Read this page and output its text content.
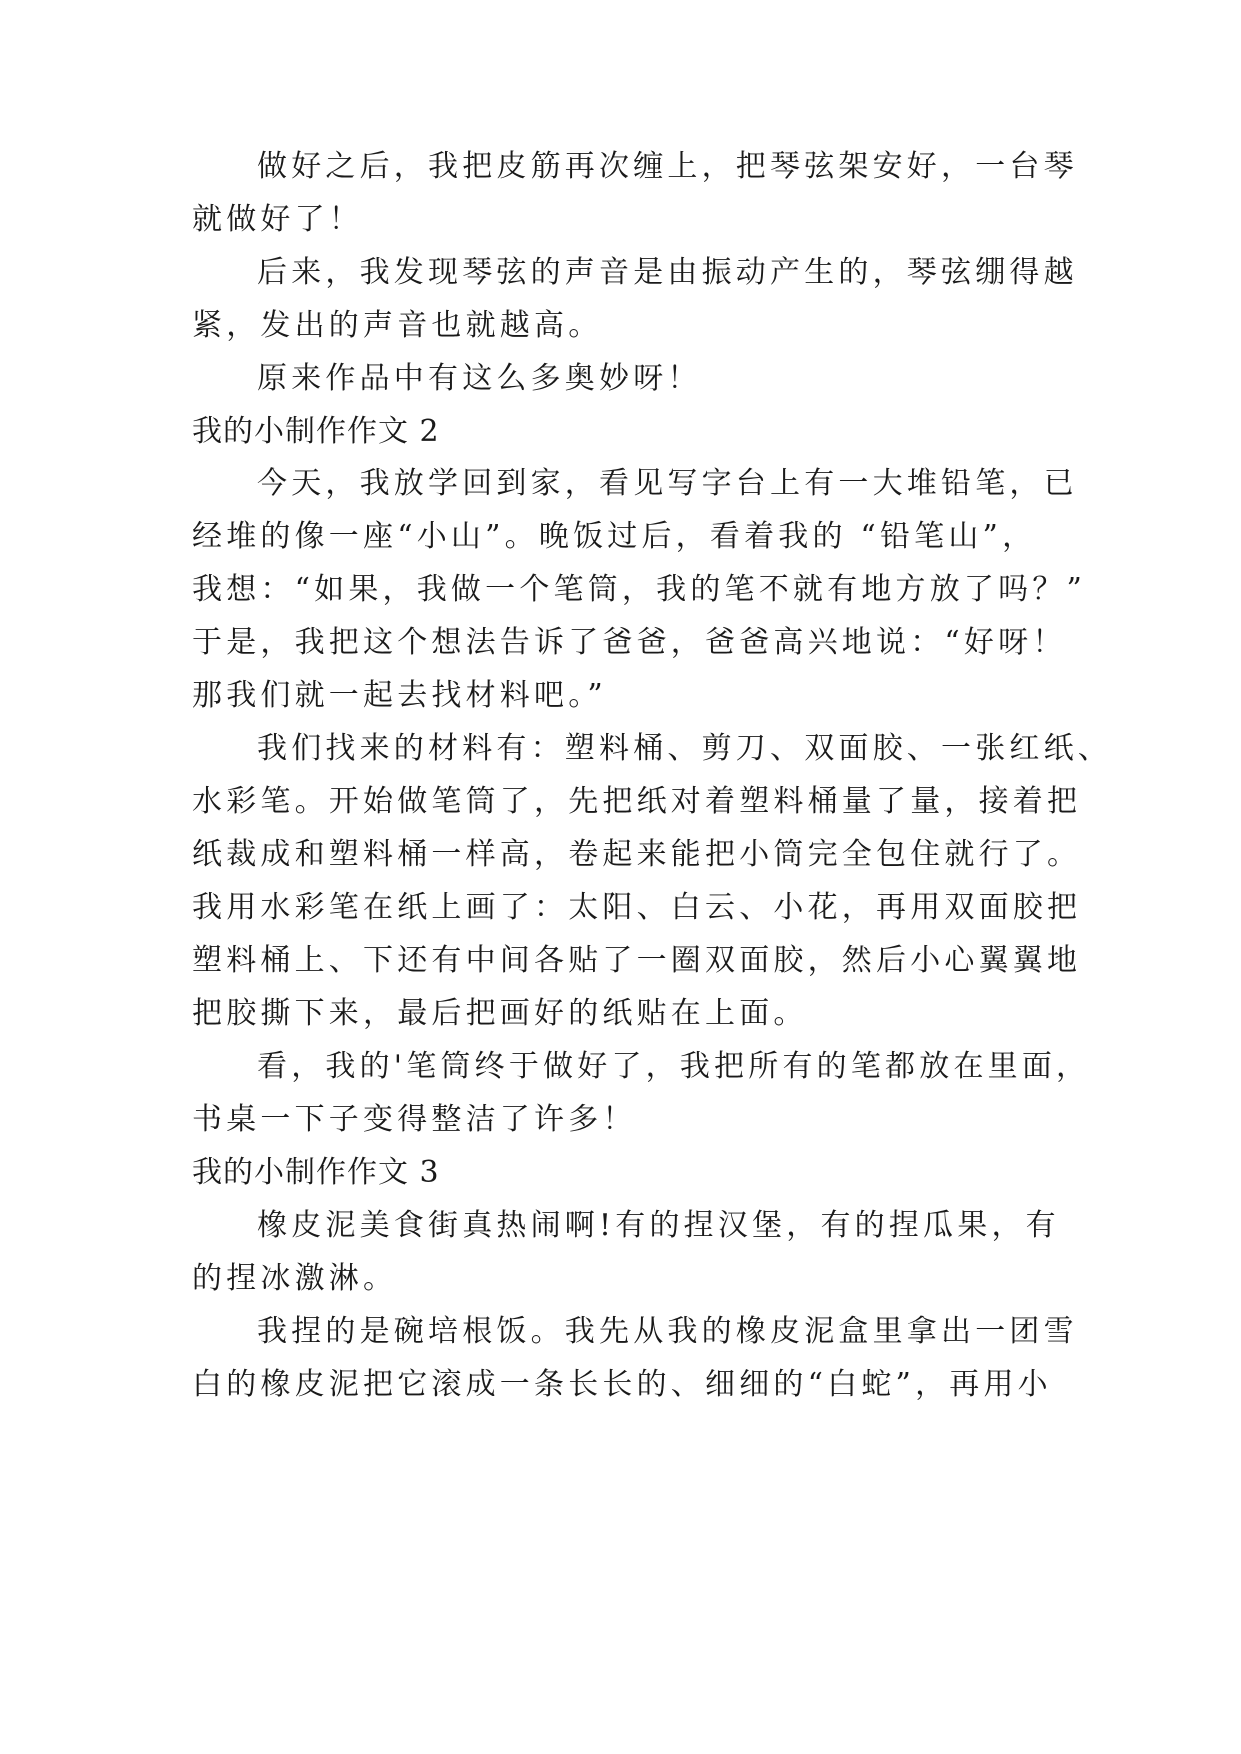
做好之后，我把皮筋再次缠上，把琴弦架安好，一台琴
就做好了！
后来，我发现琴弦的声音是由振动产生的，琴弦绷得越
紧，发出的声音也就越高。
原来作品中有这么多奥妙呀！
我的小制作作文 2
今天，我放学回到家，看见写字台上有一大堆铅笔，已
经堆的像一座“小山”。晚饭过后，看着我的 “铅笔山”，
我想：“如果，我做一个笔筒，我的笔不就有地方放了吗？”
于是，我把这个想法告诉了爸爸，爸爸高兴地说：“好呀！
那我们就一起去找材料吧。”
我们找来的材料有：塑料桶、剪刀、双面胶、一张红纸、
水彩笔。开始做笔筒了，先把纸对着塑料桶量了量，接着把
纸裁成和塑料桶一样高，卷起来能把小筒完全包住就行了。
我用水彩笔在纸上画了：太阳、白云、小花，再用双面胶把
塑料桶上、下还有中间各贴了一圈双面胶，然后小心翼翼地
把胶撕下来，最后把画好的纸贴在上面。
看，我的'笔筒终于做好了，我把所有的笔都放在里面，
书桌一下子变得整洁了许多！
我的小制作作文 3
橡皮泥美食街真热闹啊!有的捏汉堡，有的捏瓜果，有
的捏冰激淋。
我捏的是碗培根饭。我先从我的橡皮泥盒里拿出一团雪
白的橡皮泥把它滚成一条长长的、细细的“白蛇”，再用小
